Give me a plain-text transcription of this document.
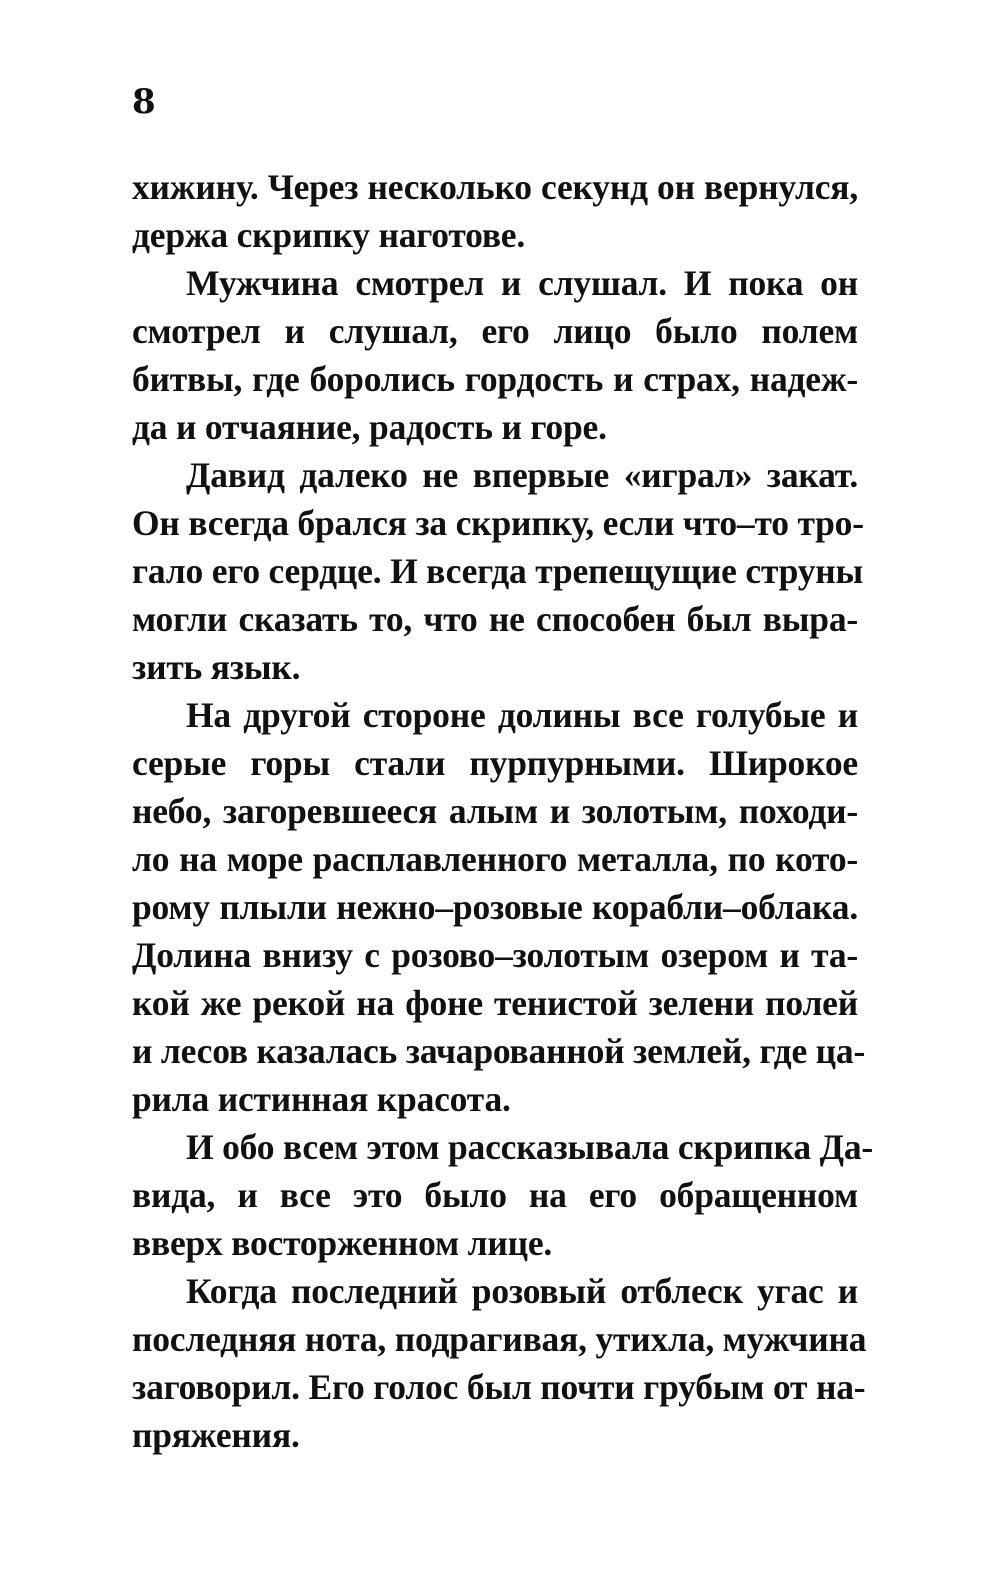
8
хижину. Через несколько секунд он вернулся,
держа скрипку наготове.
Мужчина смотрел и слушал. И пока он
смотрел и слушал, его лицо было полем
битвы, где боролись гордость и страх, надеж-
да и отчаяние, радость и горе.
Давид далеко не впервые «играл» закат.
Он всегда брался за скрипку, если что–то тро-
гало его сердце. И всегда трепещущие струны
могли сказать то, что не способен был выра-
зить язык.
На другой стороне долины все голубые и
серые горы стали пурпурными. Широкое
небо, загоревшееся алым и золотым, походи-
ло на море расплавленного металла, по кото-
рому плыли нежно–розовые корабли–облака.
Долина внизу с розово–золотым озером и та-
кой же рекой на фоне тенистой зелени полей
и лесов казалась зачарованной землей, где ца-
рила истинная красота.
И обо всем этом рассказывала скрипка Да-
вида, и все это было на его обращенном
вверх восторженном лице.
Когда последний розовый отблеск угас и
последняя нота, подрагивая, утихла, мужчина
заговорил. Его голос был почти грубым от на-
пряжения.
